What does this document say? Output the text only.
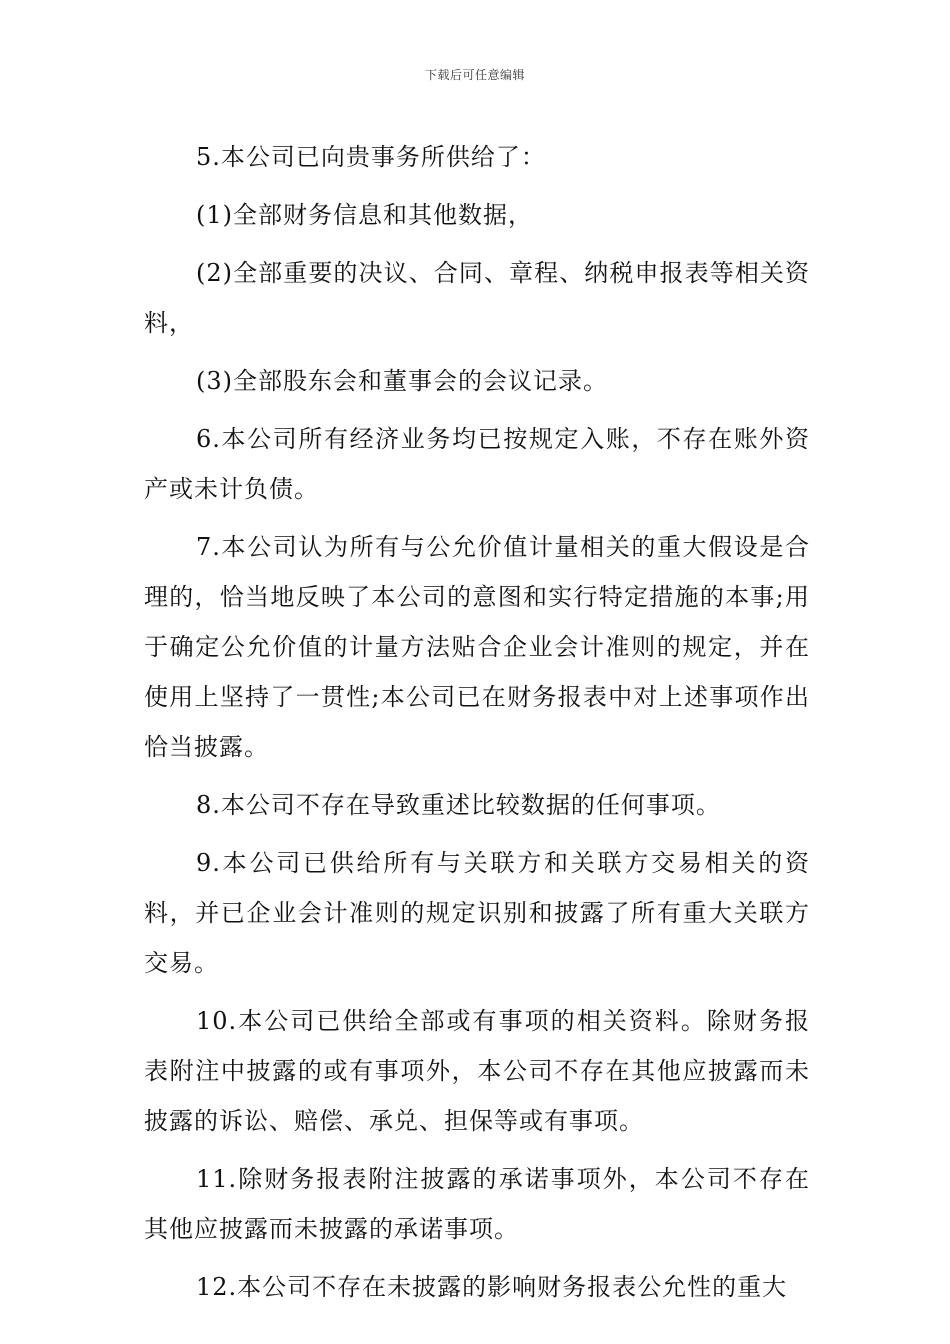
下载后可任意编辑

5.本公司已向贵事务所供给了：

(1)全部财务信息和其他数据，

(2)全部重要的决议、合同、章程、纳税申报表等相关资料，

(3)全部股东会和董事会的会议记录。

6.本公司所有经济业务均已按规定入账，不存在账外资产或未计负债。

7.本公司认为所有与公允价值计量相关的重大假设是合理的，恰当地反映了本公司的意图和实行特定措施的本事;用于确定公允价值的计量方法贴合企业会计准则的规定，并在使用上坚持了一贯性;本公司已在财务报表中对上述事项作出恰当披露。

8.本公司不存在导致重述比较数据的任何事项。

9.本公司已供给所有与关联方和关联方交易相关的资料，并已企业会计准则的规定识别和披露了所有重大关联方交易。

10.本公司已供给全部或有事项的相关资料。除财务报表附注中披露的或有事项外，本公司不存在其他应披露而未披露的诉讼、赔偿、承兑、担保等或有事项。

11.除财务报表附注披露的承诺事项外，本公司不存在其他应披露而未披露的承诺事项。

12.本公司不存在未披露的影响财务报表公允性的重大
